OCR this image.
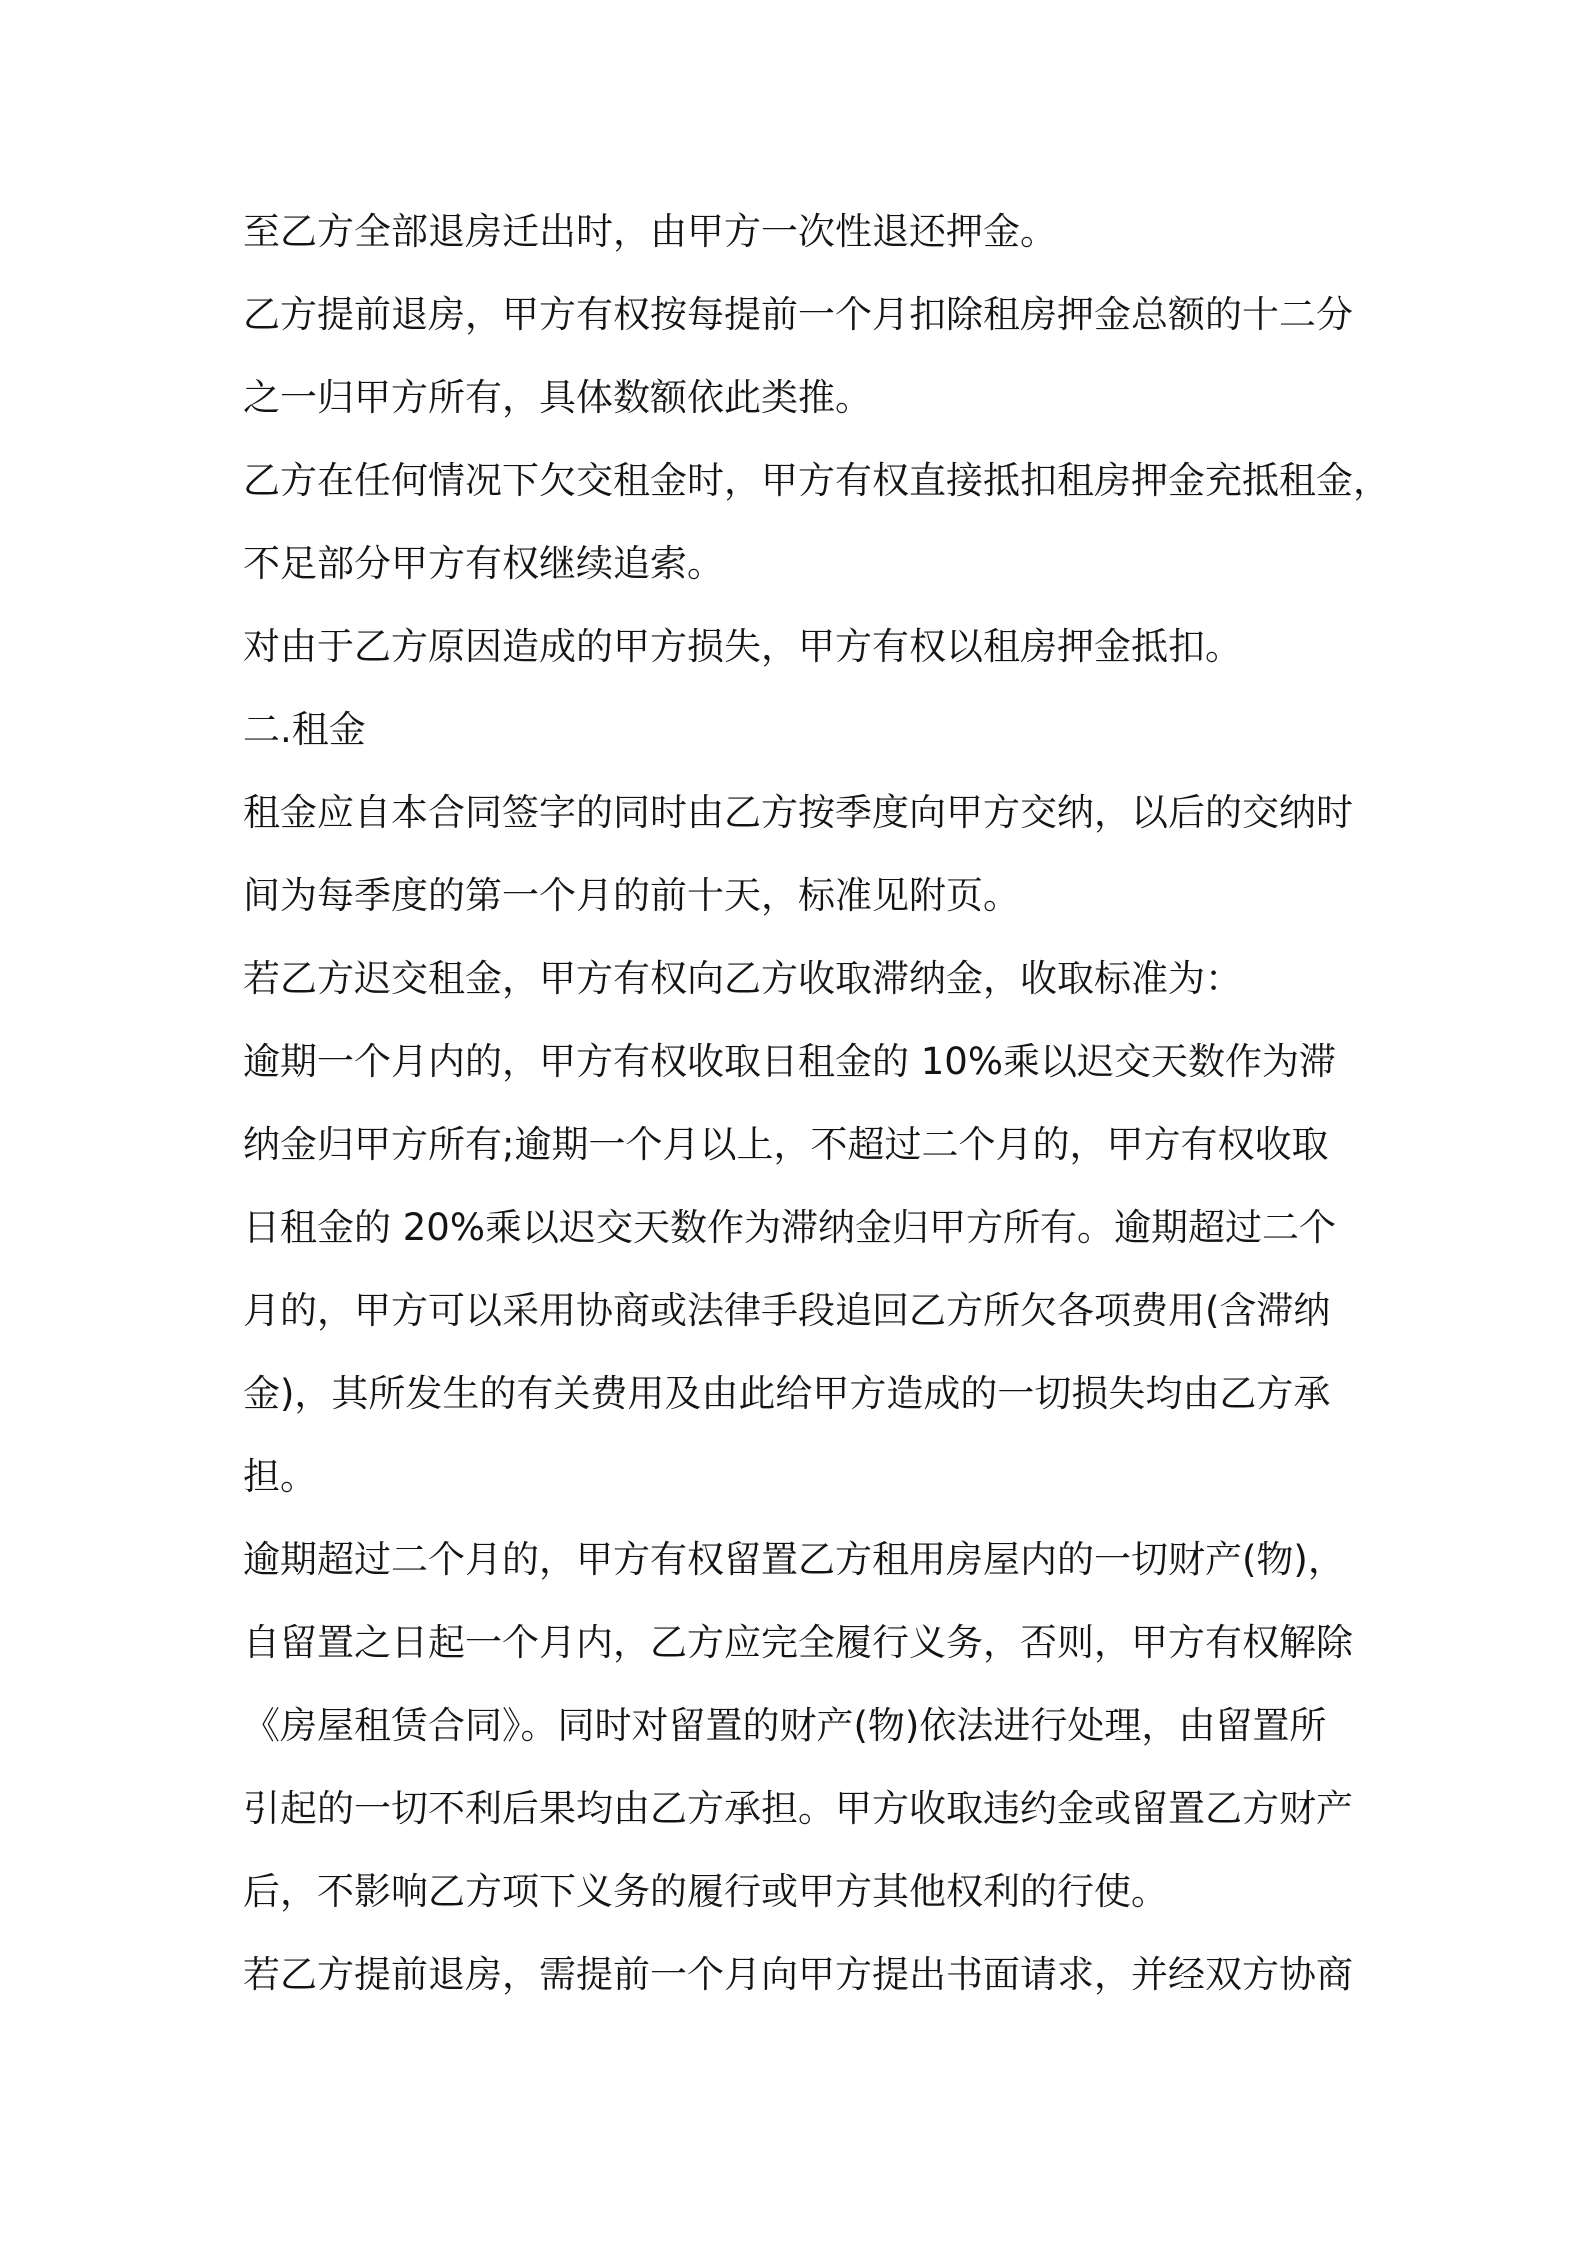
至乙方全部退房迁出时，由甲方一次性退还押金。
乙方提前退房，甲方有权按每提前一个月扣除租房押金总额的十二分
之一归甲方所有，具体数额依此类推。
乙方在任何情况下欠交租金时，甲方有权直接抵扣租房押金充抵租金，
不足部分甲方有权继续追索。
对由于乙方原因造成的甲方损失，甲方有权以租房押金抵扣。
二.租金
租金应自本合同签字的同时由乙方按季度向甲方交纳，以后的交纳时
间为每季度的第一个月的前十天，标准见附页。
若乙方迟交租金，甲方有权向乙方收取滞纳金，收取标准为：
逾期一个月内的，甲方有权收取日租金的 10%乘以迟交天数作为滞
纳金归甲方所有;逾期一个月以上，不超过二个月的，甲方有权收取
日租金的 20%乘以迟交天数作为滞纳金归甲方所有。逾期超过二个
月的，甲方可以采用协商或法律手段追回乙方所欠各项费用(含滞纳
金)，其所发生的有关费用及由此给甲方造成的一切损失均由乙方承
担。
逾期超过二个月的，甲方有权留置乙方租用房屋内的一切财产(物)，
自留置之日起一个月内，乙方应完全履行义务，否则，甲方有权解除
《房屋租赁合同》。同时对留置的财产(物)依法进行处理，由留置所
引起的一切不利后果均由乙方承担。甲方收取违约金或留置乙方财产
后，不影响乙方项下义务的履行或甲方其他权利的行使。
若乙方提前退房，需提前一个月向甲方提出书面请求，并经双方协商
